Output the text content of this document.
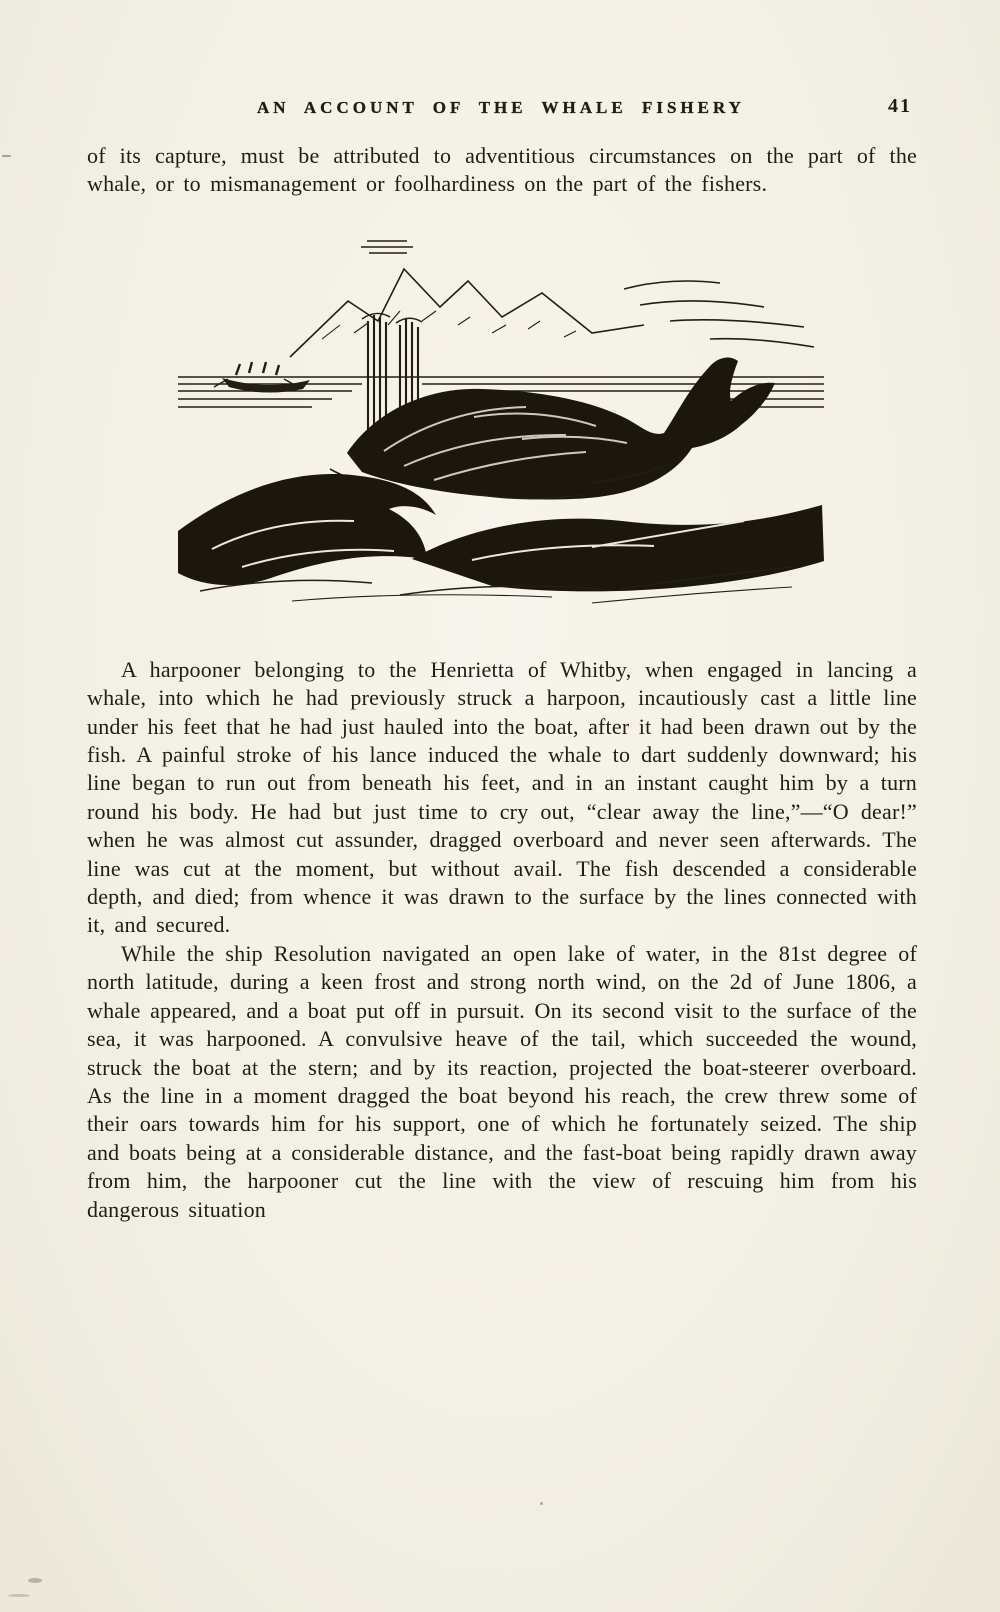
AN ACCOUNT OF THE WHALE FISHERY	41

of its capture, must be attributed to adventitious circumstances on the part of the whale, or to mismanagement or foolhardiness on the part of the fishers.

A harpooner belonging to the Henrietta of Whitby, when engaged in lancing a whale, into which he had previously struck a harpoon, incautiously cast a little line under his feet that he had just hauled into the boat, after it had been drawn out by the fish. A painful stroke of his lance induced the whale to dart suddenly downward; his line began to run out from beneath his feet, and in an instant caught him by a turn round his body. He had but just time to cry out, “clear away the line,”—“O dear!” when he was almost cut assunder, dragged overboard and never seen afterwards. The line was cut at the moment, but without avail. The fish descended a considerable depth, and died; from whence it was drawn to the surface by the lines connected with it, and secured.

While the ship Resolution navigated an open lake of water, in the 81st degree of north latitude, during a keen frost and strong north wind, on the 2d of June 1806, a whale appeared, and a boat put off in pursuit. On its second visit to the surface of the sea, it was harpooned. A convulsive heave of the tail, which succeeded the wound, struck the boat at the stern; and by its reaction, projected the boat-steerer overboard. As the line in a moment dragged the boat beyond his reach, the crew threw some of their oars towards him for his support, one of which he fortunately seized. The ship and boats being at a considerable distance, and the fast-boat being rapidly drawn away from him, the harpooner cut the line with the view of rescuing him from his dangerous situation
